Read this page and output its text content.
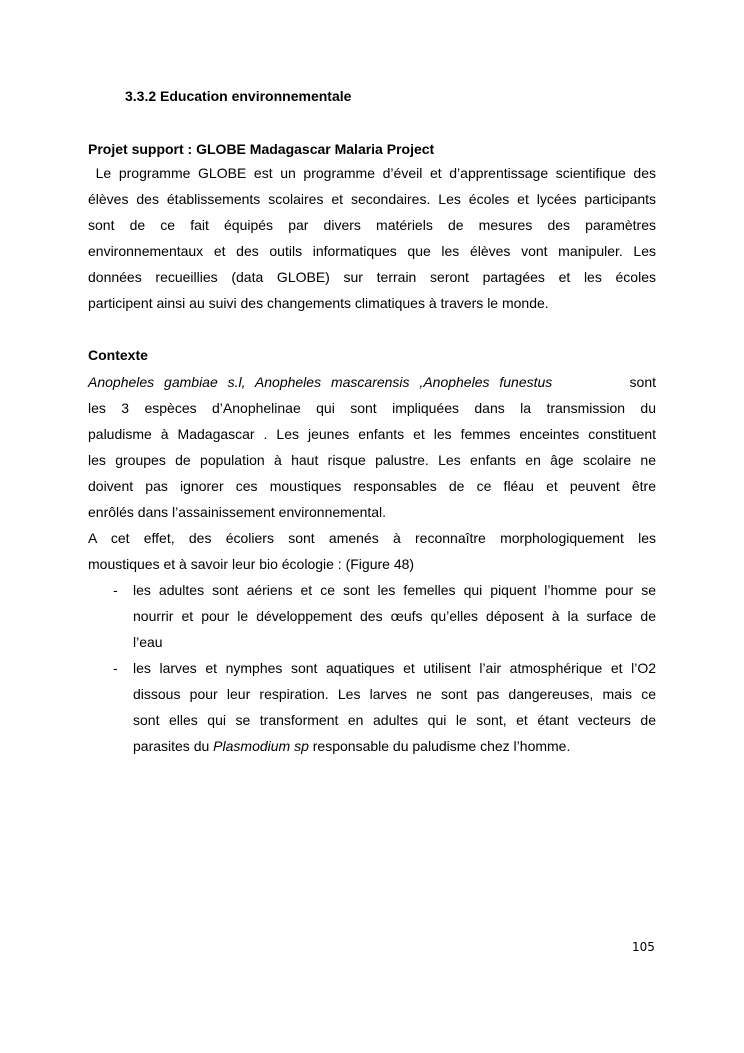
3.3.2 Education environnementale
Projet support : GLOBE Madagascar Malaria Project
Le programme GLOBE est un programme d’éveil et d’apprentissage scientifique des
élèves des établissements scolaires et secondaires. Les écoles et lycées participants
sont de ce fait équipés par divers matériels de mesures des paramètres
environnementaux et des outils informatiques que les élèves vont manipuler. Les
données recueillies (data GLOBE) sur terrain seront partagées et les écoles
participent ainsi au suivi des changements climatiques à travers le monde.
Contexte
Anopheles gambiae s.l, Anopheles mascarensis ,Anopheles funestus	sont
les 3 espèces d’Anophelinae qui sont impliquées dans la transmission du
paludisme à Madagascar . Les jeunes enfants et les femmes enceintes constituent
les groupes de population à haut risque palustre. Les enfants en âge scolaire ne
doivent pas ignorer ces moustiques responsables de ce fléau et peuvent être
enrôlés dans l’assainissement environnemental.
A cet effet, des écoliers sont amenés à reconnaître morphologiquement les
moustiques et à savoir leur bio écologie : (Figure 48)
- les adultes sont aériens et ce sont les femelles qui piquent l’homme pour se
nourrir et pour le développement des œufs qu’elles déposent à la surface de
l’eau
- les larves et nymphes sont aquatiques et utilisent l’air atmosphérique et l’O2
dissous pour leur respiration. Les larves ne sont pas dangereuses, mais ce
sont elles qui se transforment en adultes qui le sont, et étant vecteurs de
parasites du Plasmodium sp responsable du paludisme chez l’homme.
105
